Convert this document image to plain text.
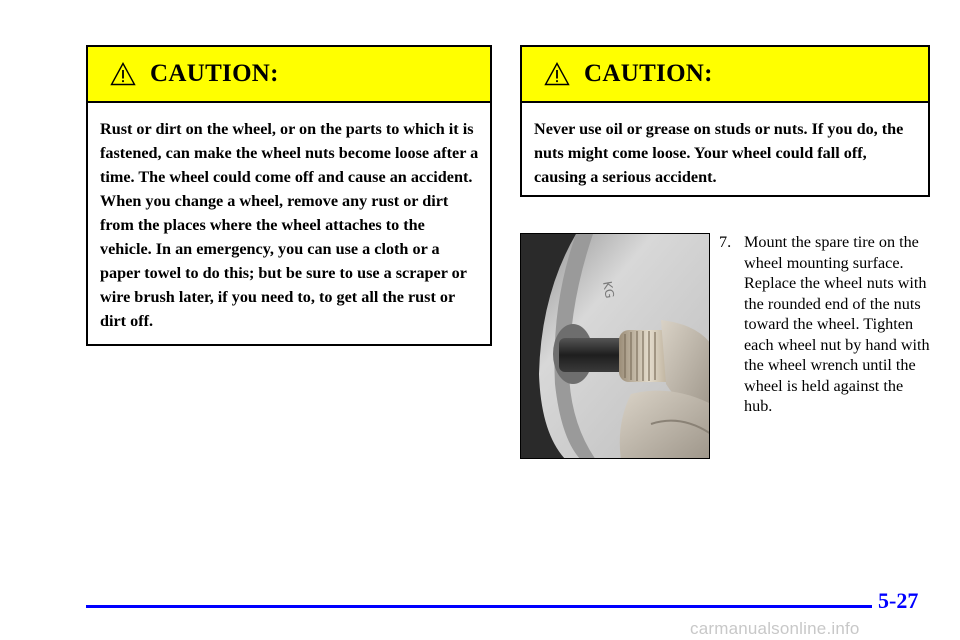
CAUTION:
Rust or dirt on the wheel, or on the parts to which it is fastened, can make the wheel nuts become loose after a time. The wheel could come off and cause an accident. When you change a wheel, remove any rust or dirt from the places where the wheel attaches to the vehicle. In an emergency, you can use a cloth or a paper towel to do this; but be sure to use a scraper or wire brush later, if you need to, to get all the rust or dirt off.
CAUTION:
Never use oil or grease on studs or nuts. If you do, the nuts might come loose. Your wheel could fall off, causing a serious accident.
KG
7. Mount the spare tire on the wheel mounting surface. Replace the wheel nuts with the rounded end of the nuts toward the wheel. Tighten each wheel nut by hand with the wheel wrench until the wheel is held against the hub.
5-27
carmanualsonline.info
